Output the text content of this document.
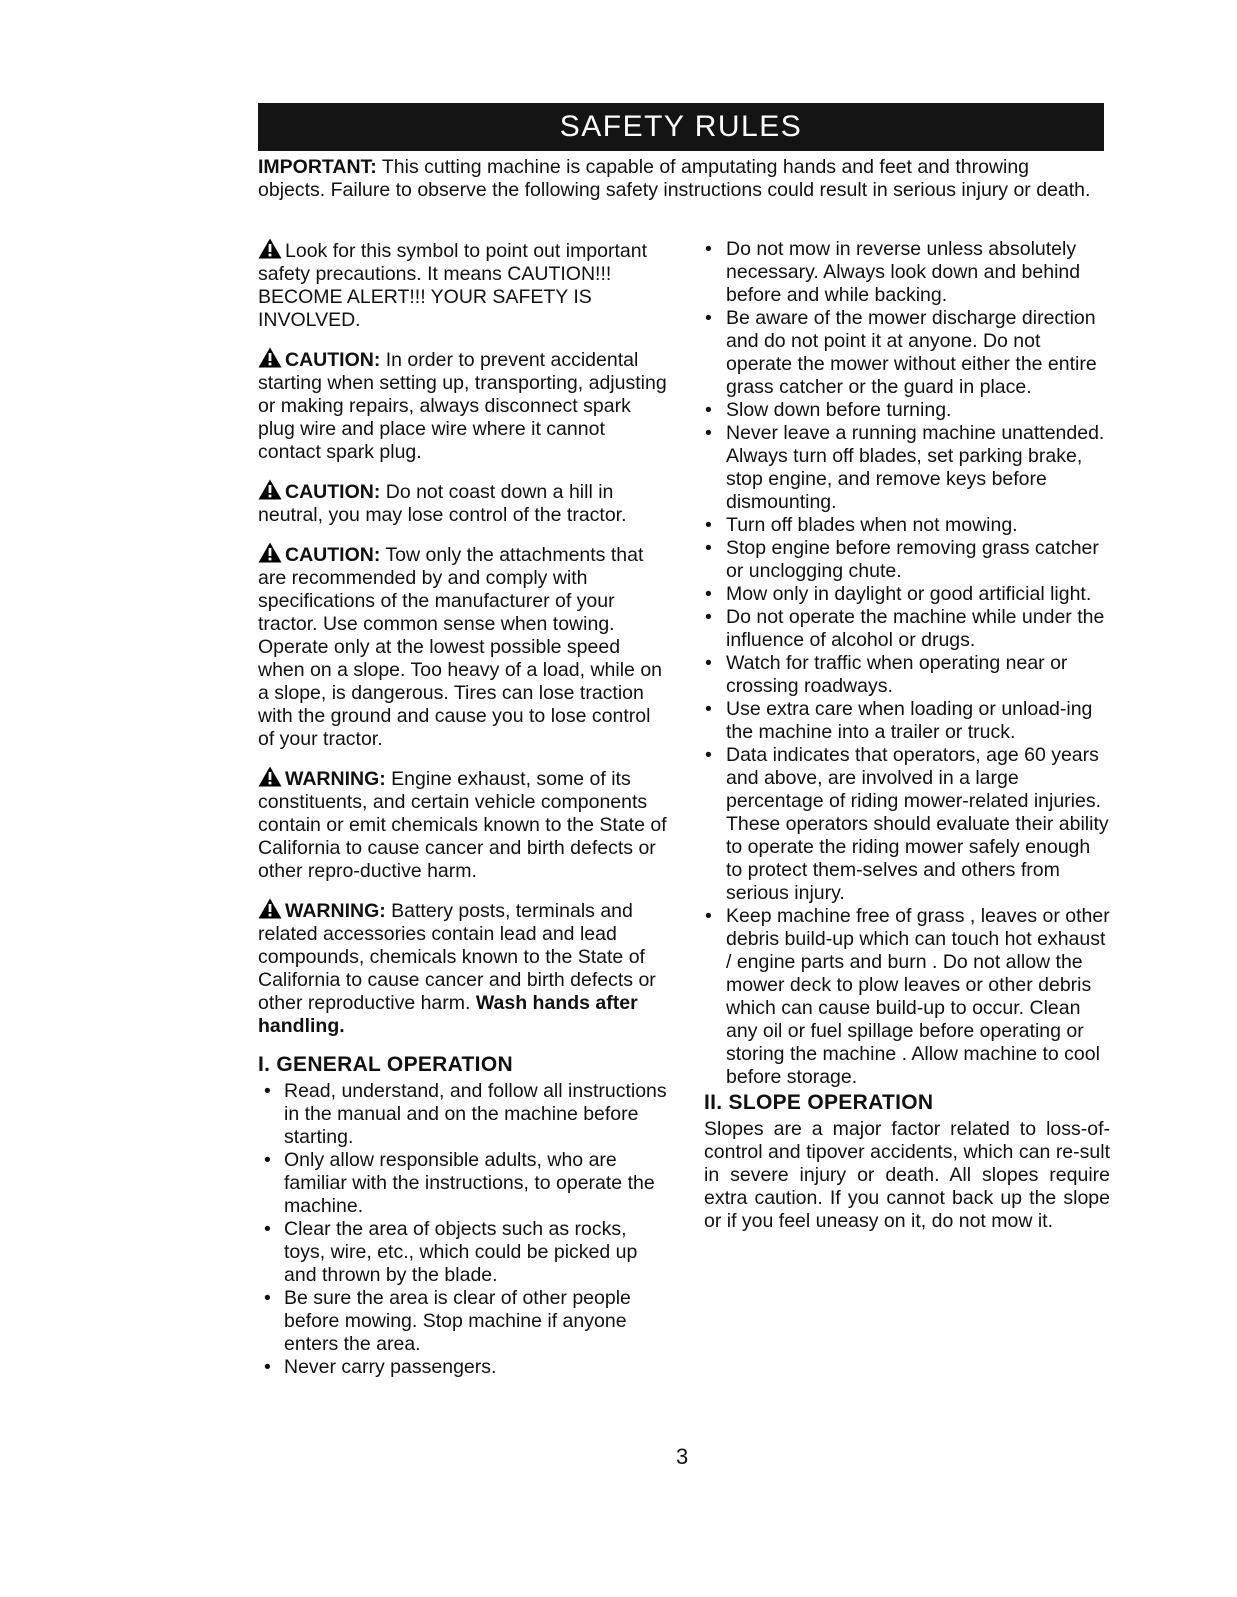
SAFETY RULES

IMPORTANT: This cutting machine is capable of amputating hands and feet and throwing objects. Failure to observe the following safety instructions could result in serious injury or death.

Look for this symbol to point out important safety precautions. It means CAUTION!!! BECOME ALERT!!! YOUR SAFETY IS INVOLVED.

CAUTION: In order to prevent accidental starting when setting up, transporting, adjusting or making repairs, always disconnect spark plug wire and place wire where it cannot contact spark plug.

CAUTION: Do not coast down a hill in neutral, you may lose control of the tractor.

CAUTION: Tow only the attachments that are recommended by and comply with specifications of the manufacturer of your tractor. Use common sense when towing. Operate only at the lowest possible speed when on a slope. Too heavy of a load, while on a slope, is dangerous. Tires can lose traction with the ground and cause you to lose control of your tractor.

WARNING: Engine exhaust, some of its constituents, and certain vehicle components contain or emit chemicals known to the State of California to cause cancer and birth defects or other repro-ductive harm.

WARNING: Battery posts, terminals and related accessories contain lead and lead compounds, chemicals known to the State of California to cause cancer and birth defects or other reproductive harm. Wash hands after handling.

I. GENERAL OPERATION
• Read, understand, and follow all instructions in the manual and on the machine before starting.
• Only allow responsible adults, who are familiar with the instructions, to operate the machine.
• Clear the area of objects such as rocks, toys, wire, etc., which could be picked up and thrown by the blade.
• Be sure the area is clear of other people before mowing. Stop machine if anyone enters the area.
• Never carry passengers.
• Do not mow in reverse unless absolutely necessary. Always look down and behind before and while backing.
• Be aware of the mower discharge direction and do not point it at anyone. Do not operate the mower without either the entire grass catcher or the guard in place.
• Slow down before turning.
• Never leave a running machine unattended. Always turn off blades, set parking brake, stop engine, and remove keys before dismounting.
• Turn off blades when not mowing.
• Stop engine before removing grass catcher or unclogging chute.
• Mow only in daylight or good artificial light.
• Do not operate the machine while under the influence of alcohol or drugs.
• Watch for traffic when operating near or crossing roadways.
• Use extra care when loading or unload-ing the machine into a trailer or truck.
• Data indicates that operators, age 60 years and above, are involved in a large percentage of riding mower-related injuries. These operators should evaluate their ability to operate the riding mower safely enough to protect them-selves and others from serious injury.
• Keep machine free of grass , leaves or other debris build-up which can touch hot exhaust / engine parts and burn . Do not allow the mower deck to plow leaves or other debris which can cause build-up to occur. Clean any oil or fuel spillage before operating or storing the machine . Allow machine to cool before storage.
II. SLOPE OPERATION

Slopes are a major factor related to loss-of-control and tipover accidents, which can re-sult in severe injury or death. All slopes require extra caution. If you cannot back up the slope or if you feel uneasy on it, do not mow it.

3
